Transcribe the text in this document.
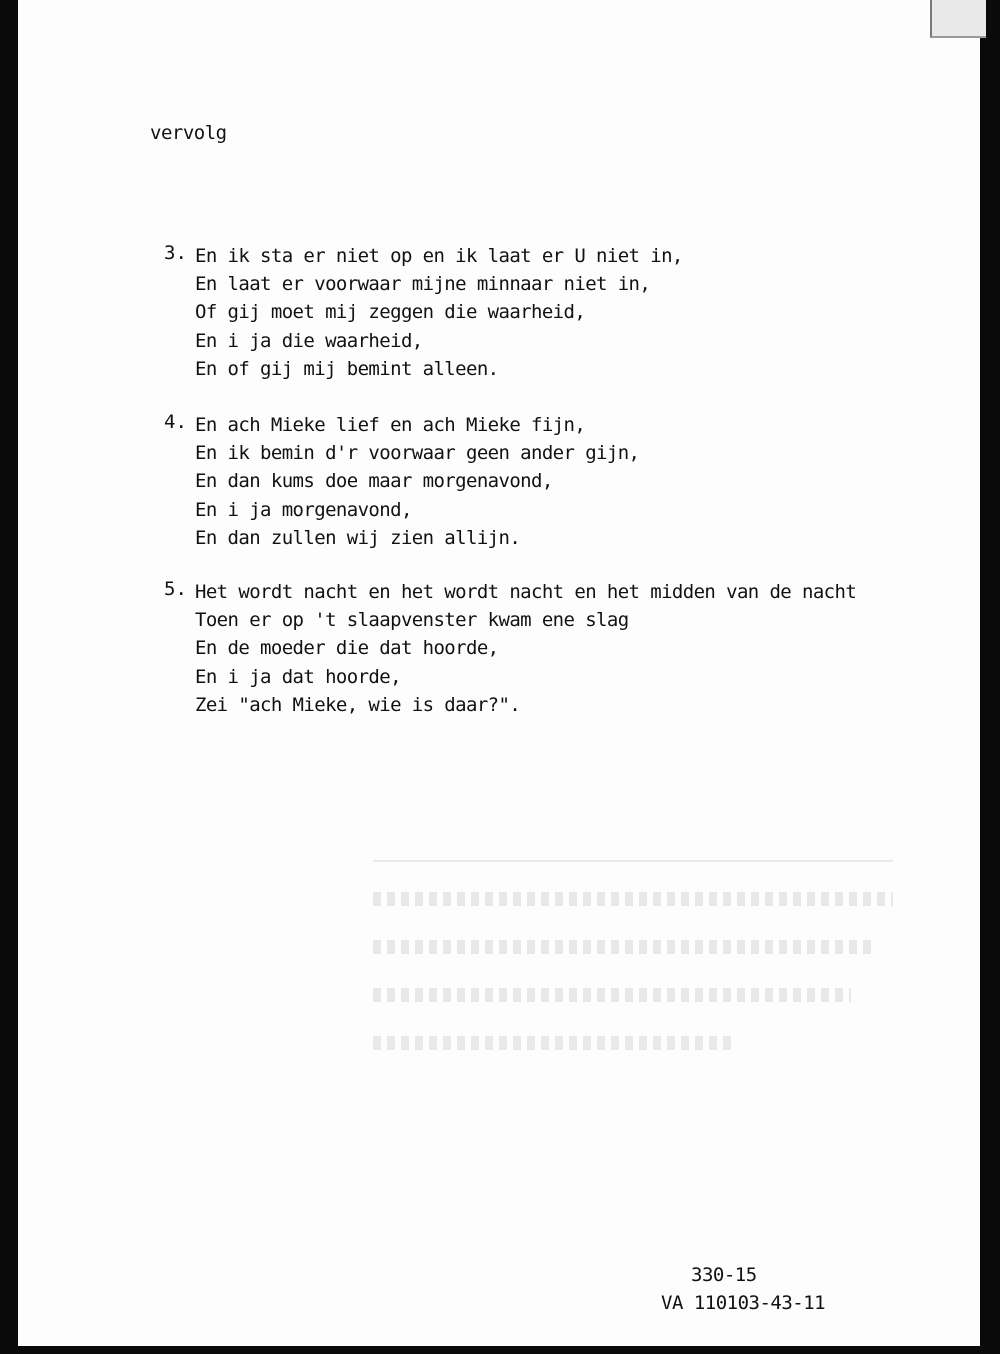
vervolg

3. En ik sta er niet op en ik laat er U niet in,
En laat er voorwaar mijne minnaar niet in,
Of gij moet mij zeggen die waarheid,
En i ja die waarheid,
En of gij mij bemint alleen.
4. En ach Mieke lief en ach Mieke fijn,
En ik bemin d'r voorwaar geen ander gijn,
En dan kums doe maar morgenavond,
En i ja morgenavond,
En dan zullen wij zien allijn.
5. Het wordt nacht en het wordt nacht en het midden van de nacht
Toen er op 't slaapvenster kwam ene slag
En de moeder die dat hoorde,
En i ja dat hoorde,
Zei "ach Mieke, wie is daar?".
330-15
VA 110103-43-11
